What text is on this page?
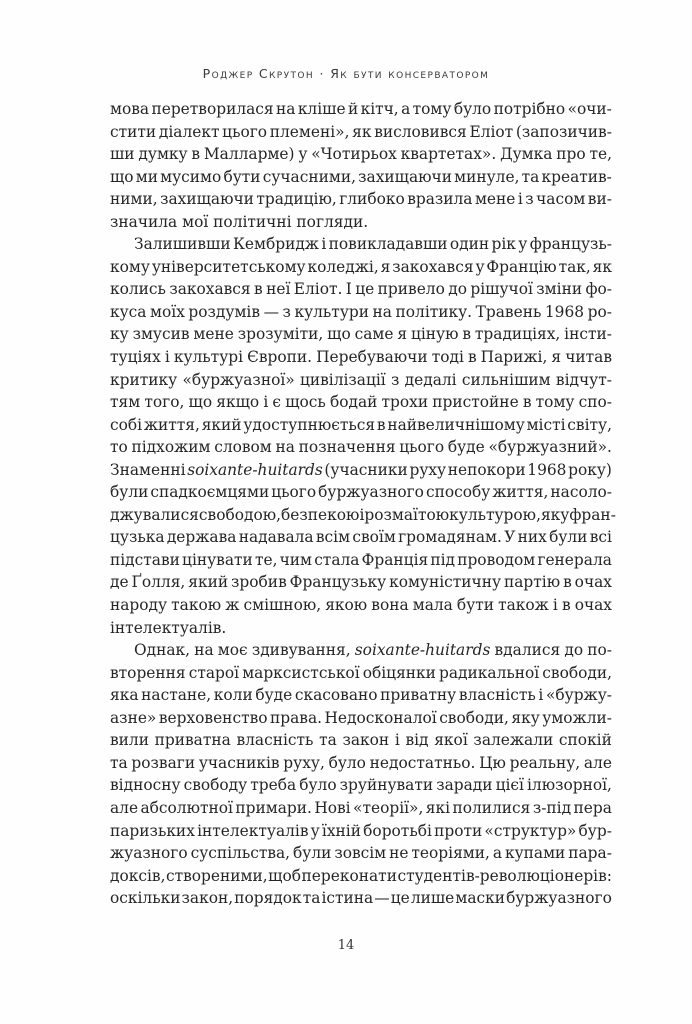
Роджер Скрутон · Як бути консерватором
мова перетворилася на кліше й кітч, а тому було потрібно «очи-
стити діалект цього племені», як висловився Еліот (запозичив-
ши думку в Малларме) у «Чотирьох квартетах». Думка про те,
що ми мусимо бути сучасними, захищаючи минуле, та креатив-
ними, захищаючи традицію, глибоко вразила мене і з часом ви-
значила мої політичні погляди.
Залишивши Кембридж і повикладавши один рік у французь-
кому університетському коледжі, я закохався у Францію так, як
колись закохався в неї Еліот. І це привело до рішучої зміни фо-
куса моїх роздумів — з культури на політику. Травень 1968 ро-
ку змусив мене зрозуміти, що саме я ціную в традиціях, інсти-
туціях і культурі Європи. Перебуваючи тоді в Парижі, я читав
критику «буржуазної» цивілізації з дедалі сильнішим відчут-
тям того, що якщо і є щось бодай трохи пристойне в тому спо-
собі життя, який удоступнюється в найвеличнішому місті світу,
то підхожим словом на позначення цього буде «буржуазний».
Знаменні soixante-huitards (учасники руху непокори 1968 року)
були спадкоємцями цього буржуазного способу життя, насоло-
джувалися свободою, безпекою і розмаїтою культурою, яку фран-
цузька держава надавала всім своїм громадянам. У них були всі
підстави цінувати те, чим стала Франція під проводом генерала
де Ґолля, який зробив Французьку комуністичну партію в очах
народу такою ж смішною, якою вона мала бути також і в очах
інтелектуалів.
Однак, на моє здивування, soixante-huitards вдалися до по-
вторення старої марксистської обіцянки радикальної свободи,
яка настане, коли буде скасовано приватну власність і «буржу-
азне» верховенство права. Недосконалої свободи, яку уможли-
вили приватна власність та закон і від якої залежали спокій
та розваги учасників руху, було недостатньо. Цю реальну, але
відносну свободу треба було зруйнувати заради цієї ілюзорної,
але абсолютної примари. Нові «теорії», які полилися з-під пера
паризьких інтелектуалів у їхній боротьбі проти «структур» бур-
жуазного суспільства, були зовсім не теоріями, а купами пара-
доксів, створеними, щоб переконати студентів-революціонерів:
оскільки закон, порядок та істина — це лише маски буржуазного
14
